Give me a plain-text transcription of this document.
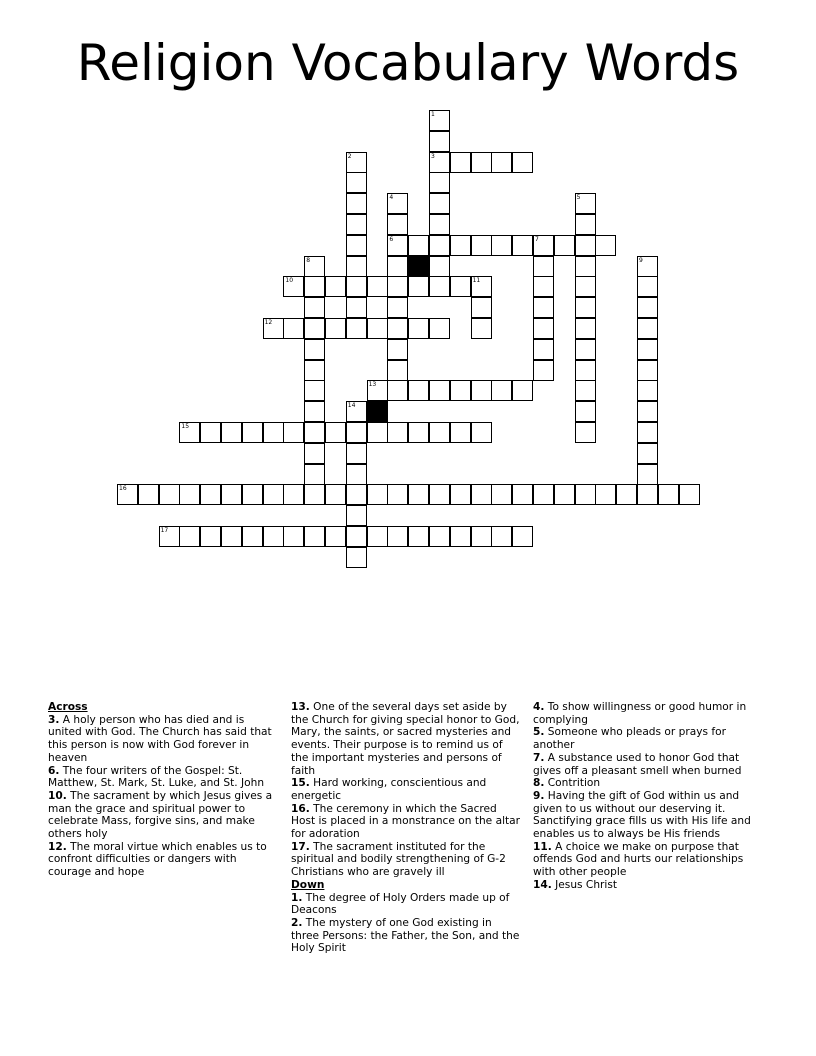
Religion Vocabulary Words
1
3
2
4
6
5
7
8	9
10	11
12
13
14
15
16
17

Across

3. A holy person who has died and is united with God. The Church has said that this person is now with God forever in heaven

6. The four writers of the Gospel: St. Matthew, St. Mark, St. Luke, and St. John

10. The sacrament by which Jesus gives a man the grace and spiritual power to celebrate Mass, forgive sins, and make others holy

12. The moral virtue which enables us to confront difficulties or dangers with courage and hope

13. One of the several days set aside by the Church for giving special honor to God, Mary, the saints, or sacred mysteries and events. Their purpose is to remind us of the important mysteries and persons of faith

15. Hard working, conscientious and energetic

16. The ceremony in which the Sacred Host is placed in a monstrance on the altar for adoration

17. The sacrament instituted for the spiritual and bodily strengthening of G-2 Christians who are gravely ill

Down

1. The degree of Holy Orders made up of Deacons

2. The mystery of one God existing in three Persons: the Father, the Son, and the Holy Spirit

4. To show willingness or good humor in complying

5. Someone who pleads or prays for another

7. A substance used to honor God that gives off a pleasant smell when burned

8. Contrition

9. Having the gift of God within us and given to us without our deserving it. Sanctifying grace fills us with His life and enables us to always be His friends

11. A choice we make on purpose that offends God and hurts our relationships with other people

14. Jesus Christ
